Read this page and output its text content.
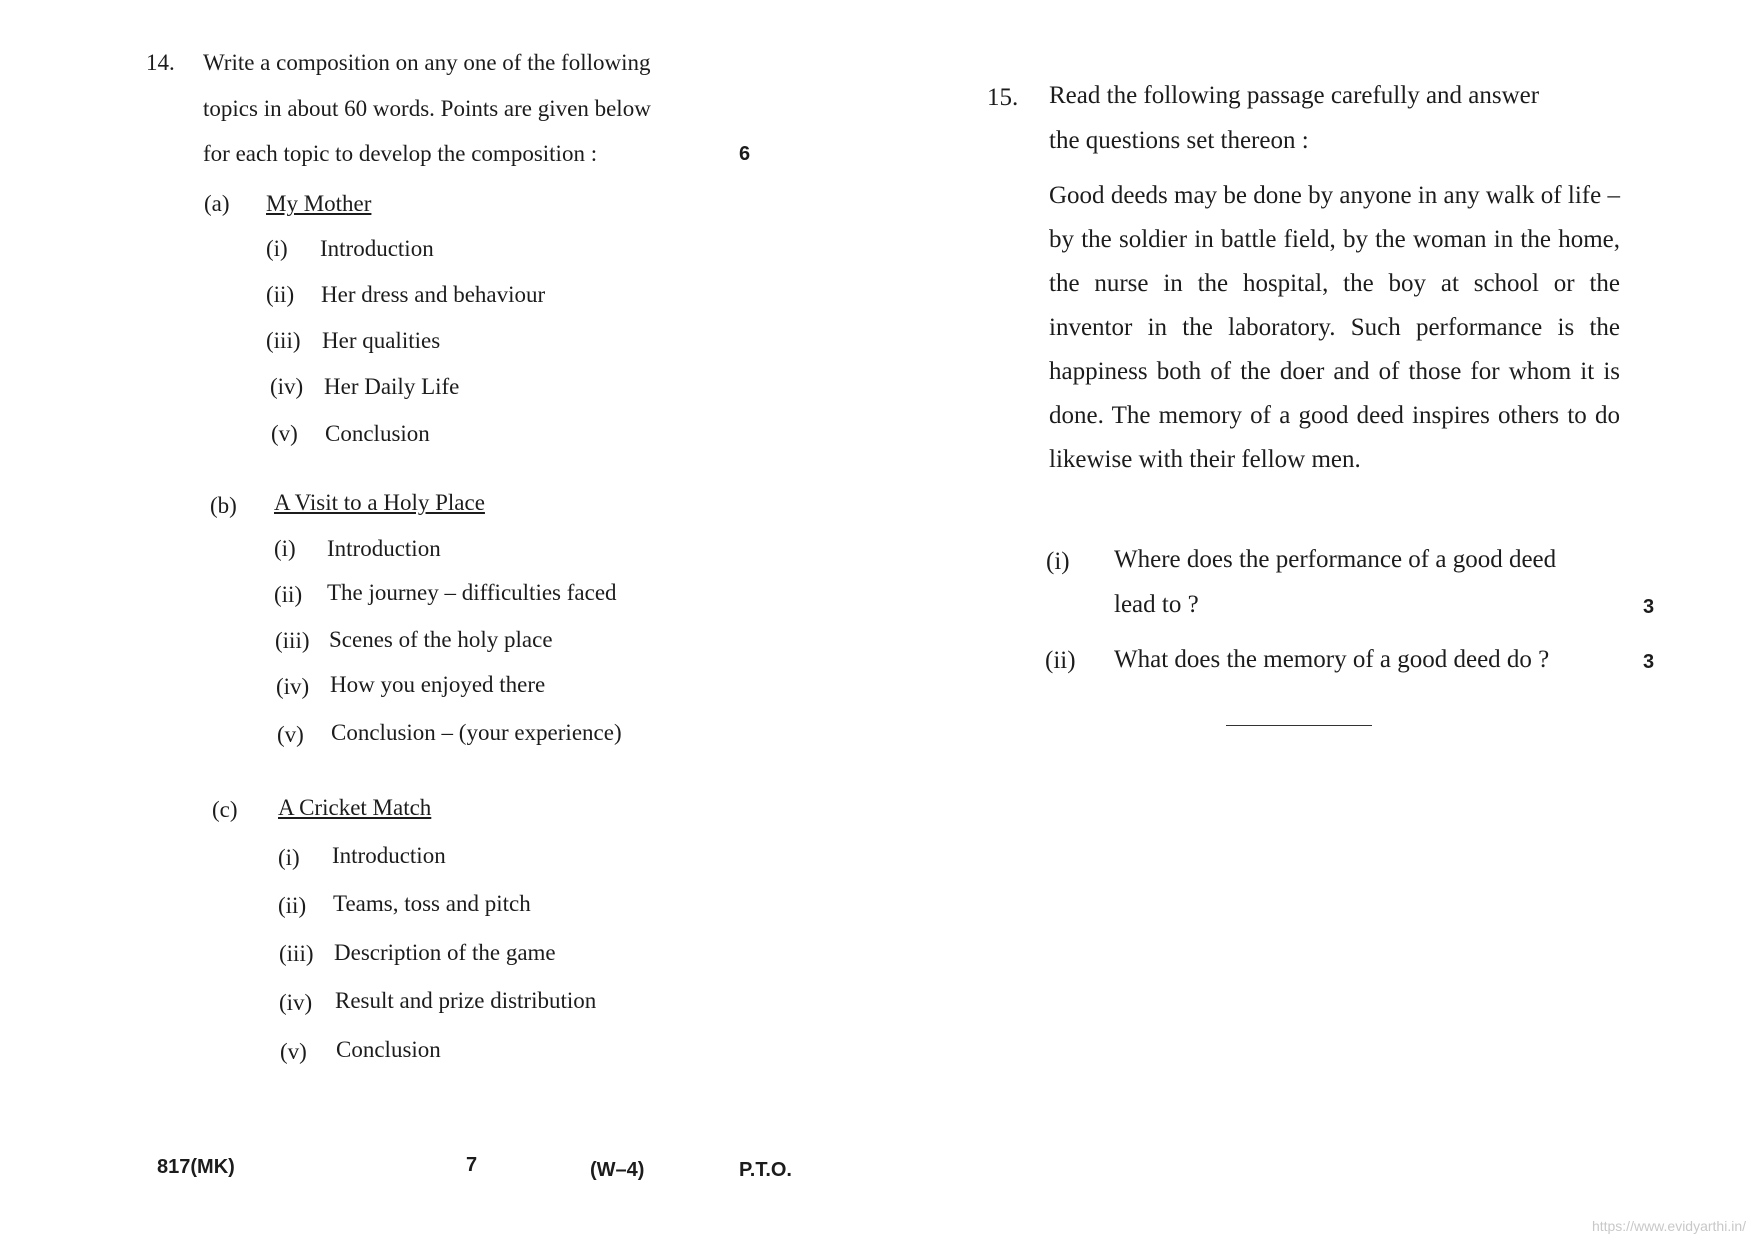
14. Write a composition on any one of the following
topics in about 60 words. Points are given below
for each topic to develop the composition :	6
(a) My Mother
(i) Introduction
(ii) Her dress and behaviour
(iii) Her qualities
(iv) Her Daily Life
(v) Conclusion
(b) A Visit to a Holy Place
(i) Introduction
(ii) The journey – difficulties faced
(iii) Scenes of the holy place
(iv) How you enjoyed there
(v) Conclusion – (your experience)
(c) A Cricket Match
(i) Introduction
(ii) Teams, toss and pitch
(iii) Description of the game
(iv) Result and prize distribution
(v) Conclusion
15. Read the following passage carefully and answer
the questions set thereon :
Good deeds may be done by anyone in any walk of life – by the soldier in battle field, by the woman in the home, the nurse in the hospital, the boy at school or the inventor in the laboratory. Such performance is the happiness both of the doer and of those for whom it is done. The memory of a good deed inspires others to do likewise with their fellow men.
(i) Where does the performance of a good deed
lead to ?	3
(ii) What does the memory of a good deed do ?	3
817(MK)	7	(W–4)	P.T.O.
https://www.evidyarthi.in/
